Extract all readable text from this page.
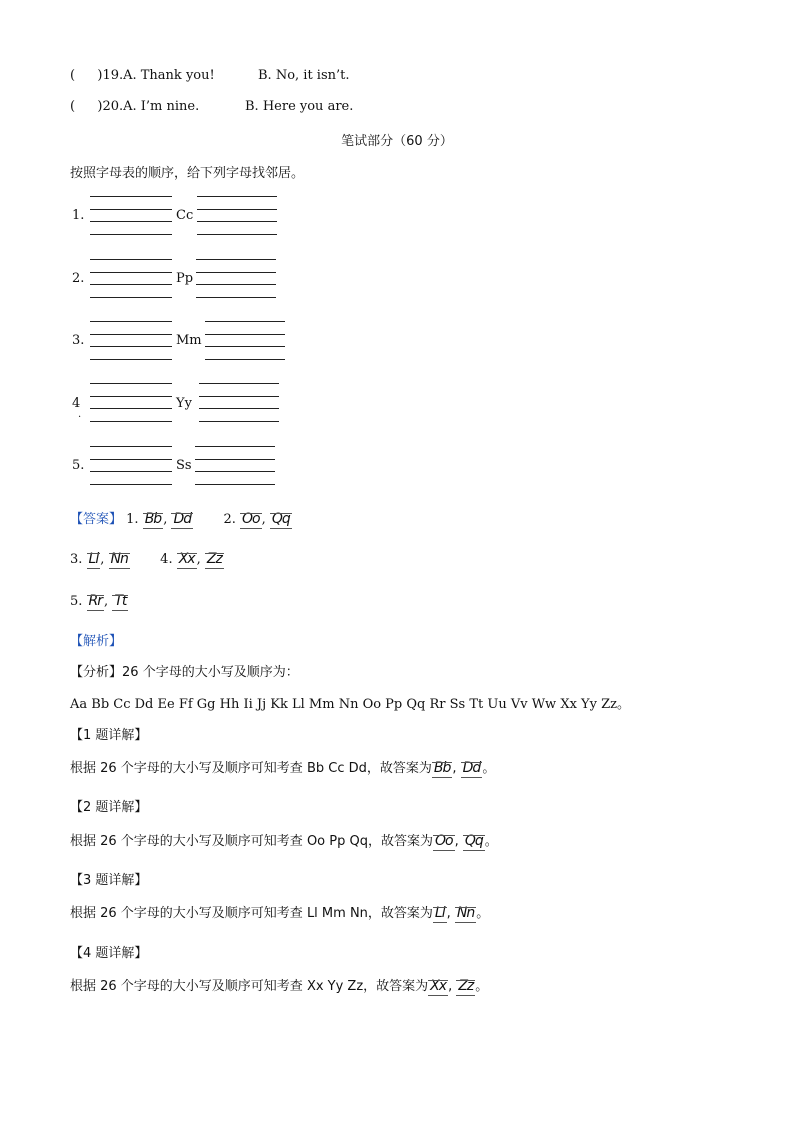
( )19.A. Thank you!	B. No, it isn’t.
( )20.A. I’m nine.	B. Here you are.
笔试部分（60 分）
按照字母表的顺序，给下列字母找邻居。
1.	Cc
2.	Pp
3.	Mm
4
.
Yy
5.	Ss
【答案】 1. Bb , Dd 2. Oo , Qq
3. Ll , Nn 4. Xx , Zz
5. Rr , Tt
【解析】
【分析】26 个字母的大小写及顺序为：
Aa Bb Cc Dd Ee Ff Gg Hh Ii Jj Kk Ll Mm Nn Oo Pp Qq Rr Ss Tt Uu Vv Ww Xx Yy Zz。
【1 题详解】
根据 26 个字母的大小写及顺序可知考查 Bb Cc Dd，故答案为 Bb , Dd 。
【2 题详解】
根据 26 个字母的大小写及顺序可知考查 Oo Pp Qq，故答案为 Oo , Qq 。
【3 题详解】
根据 26 个字母的大小写及顺序可知考查 Ll Mm Nn，故答案为 Ll , Nn 。
【4 题详解】
根据 26 个字母的大小写及顺序可知考查 Xx Yy Zz，故答案为 Xx , Zz 。
